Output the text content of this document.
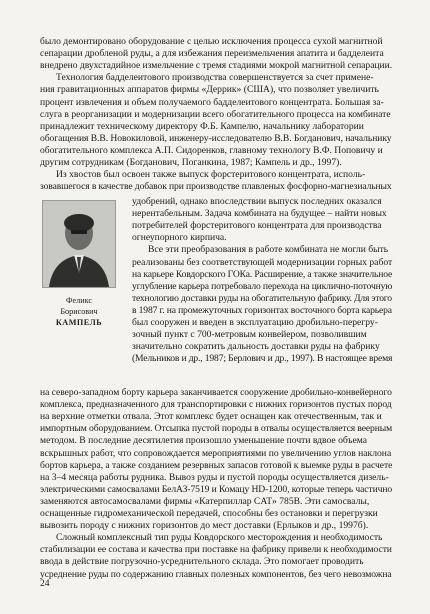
было демонтировано оборудование с целью исключения процесса сухой магнитной
сепарации дробленой руды, а для избежания переизмельчения апатита и бадделеита
внедрено двухстадийное измельчение с тремя стадиями мокрой магнитной сепарации.
Технология бадделеитового производства совершенствуется за счет примене-
ния гравитационных аппаратов фирмы «Деррик» (США), что позволяет увеличить
процент извлечения и объем получаемого бадделеитового концентрата. Большая за-
слуга в реорганизации и модернизации всего обогатительного процесса на комбинате
принадлежит техническому директору Ф.Б. Кампелю, начальнику лаборатории
обогащения В.В. Новокиловой, инженеру-исследователю В.В. Богданович, начальнику
обогатительного комплекса А.П. Сидоренков, главному технологу В.Ф. Поповичу и
другим сотрудникам (Богданович, Поганкина, 1987; Кампель и др., 1997).
Из хвостов был освоен также выпуск форстеритового концентрата, исполь-
зовавшегося в качестве добавок при производстве плавленых фосфорно-магнезиальных
Феликс
Борисович
КАМПЕЛЬ
удобрений, однако впоследствии выпуск последних оказался
нерентабельным. Задача комбината на будущее – найти новых
потребителей форстеритового концентрата для производства
огнеупорного кирпича.
Все эти преобразования в работе комбината не могли быть
реализованы без соответствующей модернизации горных работ
на карьере Ковдорского ГОКа. Расширение, а также значительное
углубление карьера потребовало перехода на циклично-поточную
технологию доставки руды на обогатительную фабрику. Для этого
в 1987 г. на промежуточных горизонтах восточного борта карьера
был сооружен и введен в эксплуатацию дробильно-перегру-
зочный пункт с 700-метровым конвейером, позволившим
значительно сократить дальность доставки руды на фабрику
(Мельников и др., 1987; Берлович и др., 1997). В настоящее время
на северо-западном борту карьера заканчивается сооружение дробильно-конвейерного
комплекса, предназначенного для транспортировки с нижних горизонтов пустых пород
на верхние отметки отвала. Этот комплекс будет оснащен как отечественным, так и
импортным оборудованием. Отсыпка пустой породы в отвалы осуществляется веерным
методом. В последние десятилетия произошло уменьшение почти вдвое объема
вскрышных работ, что сопровождается мероприятиями по увеличению углов наклона
бортов карьера, а также созданием резервных запасов готовой к выемке руды в расчете
на 3–4 месяца работы рудника. Вывоз руды и пустой породы осуществляется дизель-
электрическими самосвалами БелАЗ-7519 и Комацу HD-1200, которые теперь частично
заменяются автосамосвалами фирмы «Катерпиллар CAT» 785В. Эти самосвалы,
оснащенные гидромеханической передачей, способны без остановки и перегрузки
вывозить породу с нижних горизонтов до мест доставки (Ерлыков и др., 1997б).
Сложный комплексный тип руды Ковдорского месторождения и необходимость
стабилизации ее состава и качества при поставке на фабрику привели к необходимости
ввода в действие погрузочно-усреднительного склада. Это помогает проводить
усреднение руды по содержанию главных полезных компонентов, без чего невозможна
24
